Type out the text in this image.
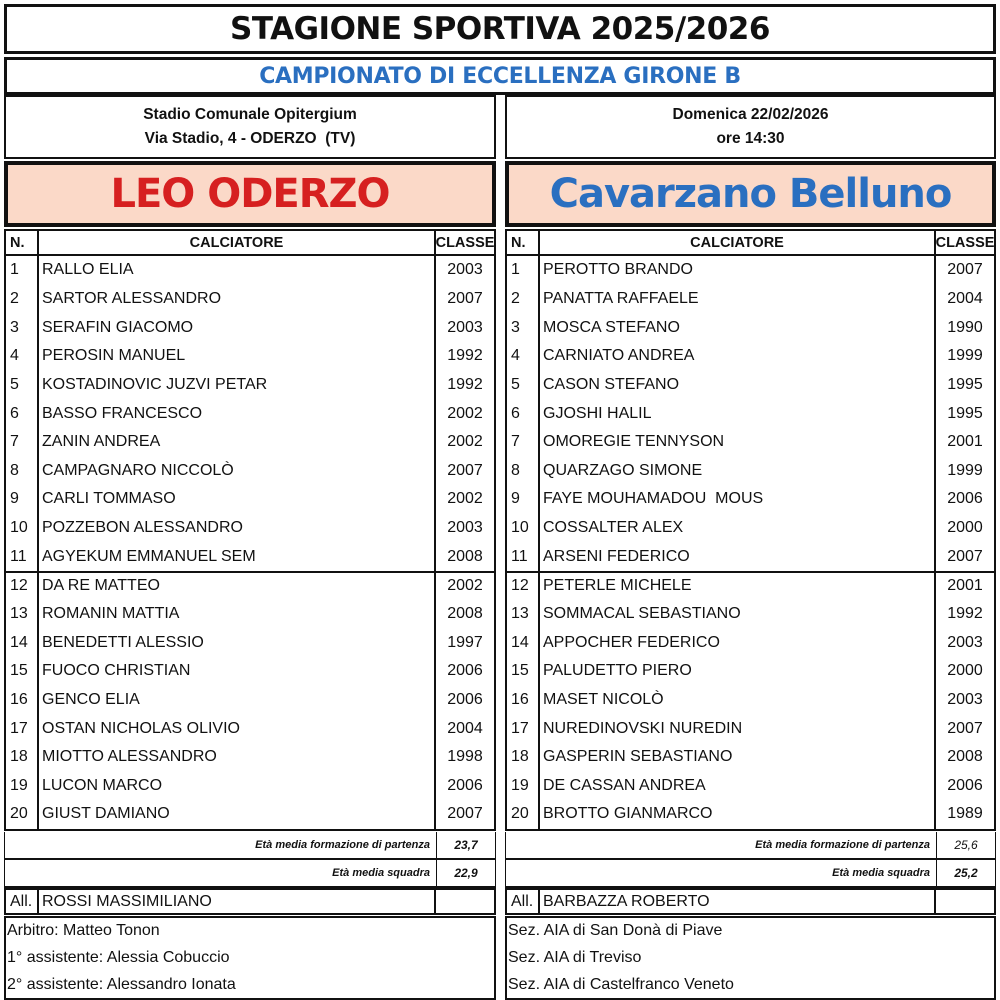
STAGIONE SPORTIVA 2025/2026
CAMPIONATO DI ECCELLENZA GIRONE B
Stadio Comunale Opitergium
Via Stadio, 4 - ODERZO  (TV)
Domenica 22/02/2026
ore 14:30
LEO ODERZO	Cavarzano Belluno
N.	CALCIATORE	CLASSE
1	RALLO ELIA	2003
2	SARTOR ALESSANDRO	2007
3	SERAFIN GIACOMO	2003
4	PEROSIN MANUEL	1992
5	KOSTADINOVIC JUZVI PETAR	1992
6	BASSO FRANCESCO	2002
7	ZANIN ANDREA	2002
8	CAMPAGNARO NICCOLÒ	2007
9	CARLI TOMMASO	2002
10 POZZEBON ALESSANDRO	2003
11 AGYEKUM EMMANUEL SEM	2008
12 DA RE MATTEO	2002
13 ROMANIN MATTIA	2008
14 BENEDETTI ALESSIO	1997
15 FUOCO CHRISTIAN	2006
16 GENCO ELIA	2006
17 OSTAN NICHOLAS OLIVIO	2004
18 MIOTTO ALESSANDRO	1998
19 LUCON MARCO	2006
20 GIUST DAMIANO	2007
N.	CALCIATORE	CLASSE
1	PEROTTO BRANDO	2007
2	PANATTA RAFFAELE	2004
3	MOSCA STEFANO	1990
4	CARNIATO ANDREA	1999
5	CASON STEFANO	1995
6	GJOSHI HALIL	1995
7	OMOREGIE TENNYSON	2001
8	QUARZAGO SIMONE	1999
9	FAYE MOUHAMADOU  MOUS	2006
10 COSSALTER ALEX	2000
11 ARSENI FEDERICO	2007
12 PETERLE MICHELE	2001
13 SOMMACAL SEBASTIANO	1992
14 APPOCHER FEDERICO	2003
15 PALUDETTO PIERO	2000
16 MASET NICOLÒ	2003
17 NUREDINOVSKI NUREDIN	2007
18 GASPERIN SEBASTIANO	2008
19 DE CASSAN ANDREA	2006
20 BROTTO GIANMARCO	1989
Età media formazione di partenza	23,7
Età media squadra	22,9
Età media formazione di partenza	25,6
Età media squadra	25,2
All. ROSSI MASSIMILIANO	All. BARBAZZA ROBERTO
Arbitro: Matteo Tonon
1° assistente: Alessia Cobuccio
2° assistente: Alessandro Ionata
Sez. AIA di San Donà di Piave
Sez. AIA di Treviso
Sez. AIA di Castelfranco Veneto
